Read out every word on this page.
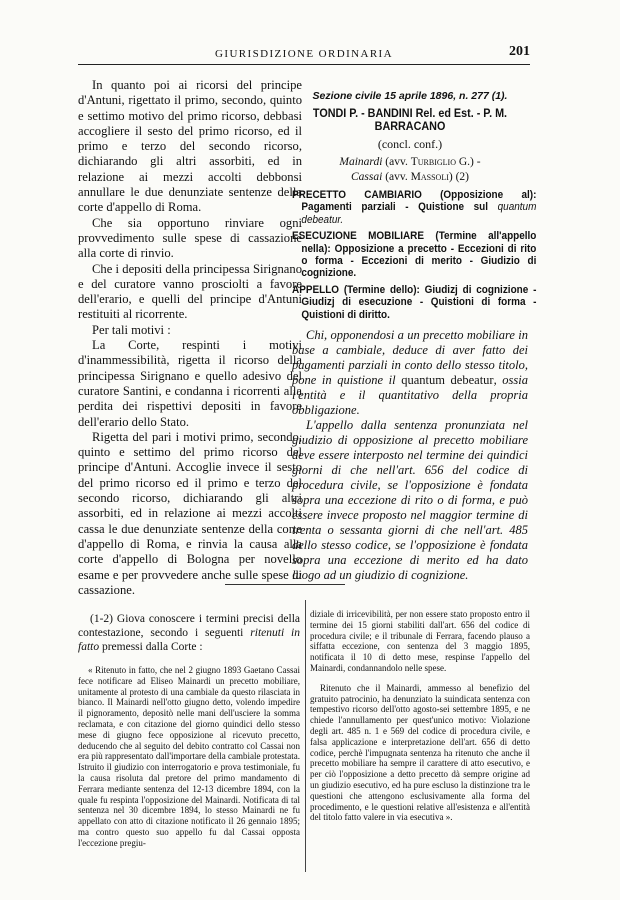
GIURISDIZIONE ORDINARIA	201

In quanto poi ai ricorsi del principe d'Antuni, rigettato il primo, secondo, quinto e settimo motivo del primo ricorso, debbasi accogliere il sesto del primo ricorso, ed il primo e terzo del secondo ricorso, dichiarando gli altri assorbiti, ed in relazione ai mezzi accolti debbonsi annullare le due denunziate sentenze della corte d'appello di Roma.

Che sia opportuno rinviare ogni provvedimento sulle spese di cassazione alla corte di rinvio.

Che i depositi della principessa Sirignano e del curatore vanno prosciolti a favore dell'erario, e quelli del principe d'Antuni restituiti al ricorrente.

Per tali motivi :

La Corte, respinti i motivi d'inammessibilità, rigetta il ricorso della principessa Sirignano e quello adesivo del curatore Santini, e condanna i ricorrenti alla perdita dei rispettivi depositi in favore dell'erario dello Stato.

Rigetta del pari i motivi primo, secondo, quinto e settimo del primo ricorso del principe d'Antuni. Accoglie invece il sesto del primo ricorso ed il primo e terzo del secondo ricorso, dichiarando gli altri assorbiti, ed in relazione ai mezzi accolti cassa le due denunziate sentenze della corte d'appello di Roma, e rinvia la causa alla corte d'appello di Bologna per novello esame e per provvedere anche sulle spese di cassazione.

Sezione civile 15 aprile 1896, n. 277 (1).

TONDI P. - BANDINI Rel. ed Est. - P. M. BARRACANO

(concl. conf.)

Mainardi (avv. Turbiglio G.) -
Cassai (avv. Massoli) (2)

PRECETTO CAMBIARIO (Opposizione al): Pagamenti parziali - Quistione sul quantum debeatur.

ESECUZIONE MOBILIARE (Termine all'appello nella): Opposizione a precetto - Eccezioni di rito o forma - Eccezioni di merito - Giudizio di cognizione.

APPELLO (Termine dello): Giudizj di cognizione - Giudizj di esecuzione - Quistioni di forma - Quistioni di diritto.

Chi, opponendosi a un precetto mobiliare in base a cambiale, deduce di aver fatto dei pagamenti parziali in conto dello stesso titolo, pone in quistione il quantum debeatur, ossia l'entità e il quantitativo della propria obbligazione.

L'appello dalla sentenza pronunziata nel giudizio di opposizione al precetto mobiliare deve essere interposto nel termine dei quindici giorni di che nell'art. 656 del codice di procedura civile, se l'opposizione è fondata sopra una eccezione di rito o di forma, e può essere invece proposto nel maggior termine di trenta o sessanta giorni di che nell'art. 485 dello stesso codice, se l'opposizione è fondata sopra una eccezione di merito ed ha dato luogo ad un giudizio di cognizione.

(1-2) Giova conoscere i termini precisi della contestazione, secondo i seguenti ritenuti in fatto premessi dalla Corte :

« Ritenuto in fatto, che nel 2 giugno 1893 Gaetano Cassai fece notificare ad Eliseo Mainardi un precetto mobiliare, unitamente al protesto di una cambiale da questo rilasciata in bianco. Il Mainardi nell'otto giugno detto, volendo impedire il pignoramento, depositò nelle mani dell'usciere la somma reclamata, e con citazione del giorno quindici dello stesso mese di giugno fece opposizione al ricevuto precetto, deducendo che al seguito del debito contratto col Cassai non era più rappresentato dall'importare della cambiale protestata. Istruito il giudizio con interrogatorio e prova testimoniale, fu la causa risoluta dal pretore del primo mandamento di Ferrara mediante sentenza del 12-13 dicembre 1894, con la quale fu respinta l'opposizione del Mainardi. Notificata di tal sentenza nel 30 dicembre 1894, lo stesso Mainardi ne fu appellato con atto di citazione notificato il 26 gennaio 1895; ma contro questo suo appello fu dal Cassai opposta l'eccezione pregiu-

diziale di irricevibilità, per non essere stato proposto entro il termine dei 15 giorni stabiliti dall'art. 656 del codice di procedura civile; e il tribunale di Ferrara, facendo plauso a siffatta eccezione, con sentenza del 3 maggio 1895, notificata il 10 di detto mese, respinse l'appello del Mainardi, condannandolo nelle spese.

Ritenuto che il Mainardi, ammesso al benefizio del gratuito patrocinio, ha denunziato la suindicata sentenza con tempestivo ricorso dell'otto agosto-sei settembre 1895, e ne chiede l'annullamento per quest'unico motivo: Violazione degli art. 485 n. 1 e 569 del codice di procedura civile, e falsa applicazione e interpretazione dell'art. 656 di detto codice, perchè l'impugnata sentenza ha ritenuto che anche il precetto mobiliare ha sempre il carattere di atto esecutivo, e per ciò l'opposizione a detto precetto dà sempre origine ad un giudizio esecutivo, ed ha pure escluso la distinzione tra le questioni che attengono esclusivamente alla forma del procedimento, e le questioni relative all'esistenza e all'entità del titolo fatto valere in via esecutiva ».
